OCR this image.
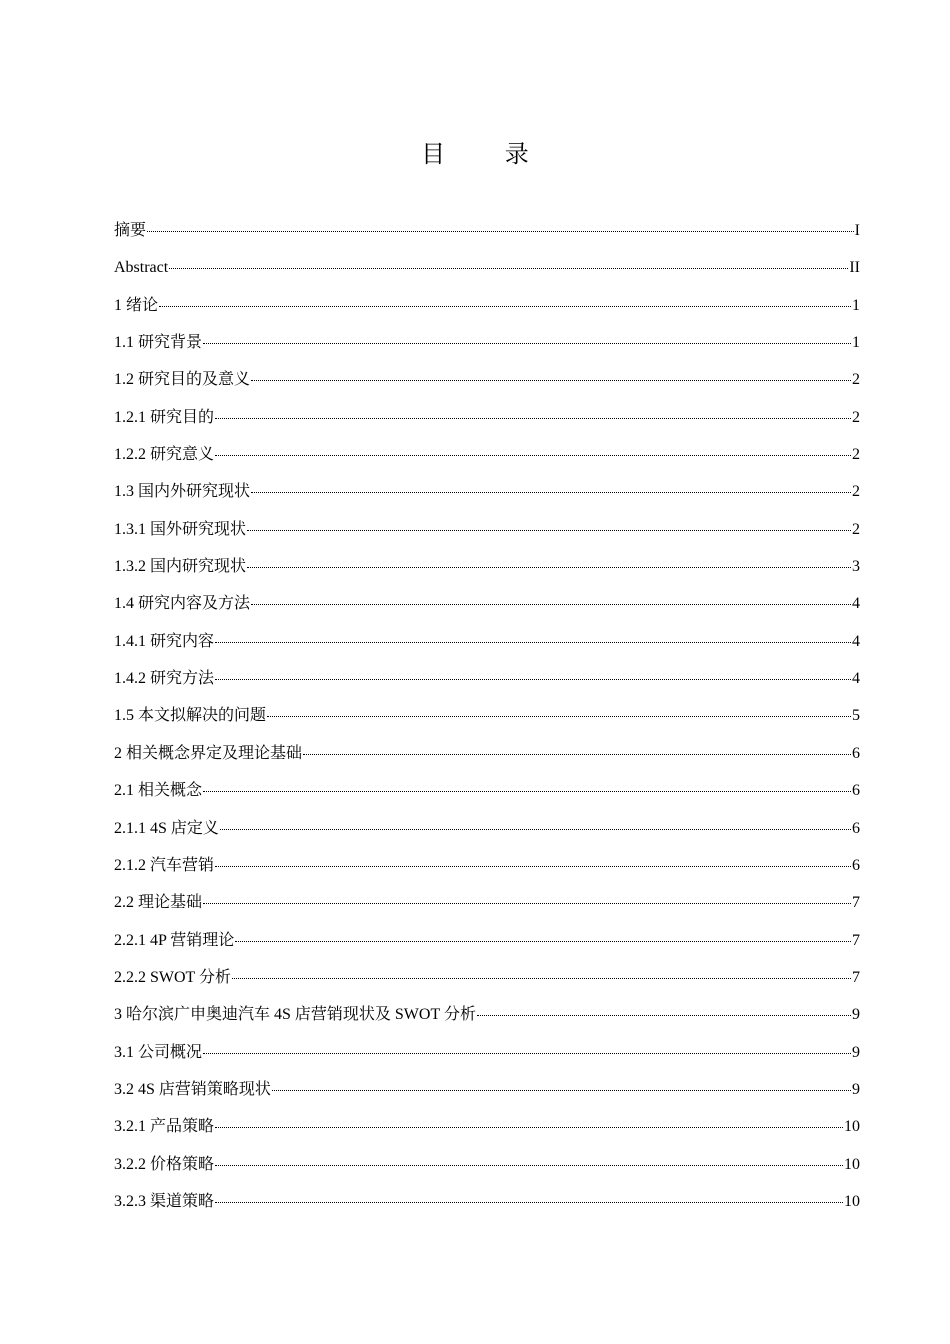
目 录
摘要	I
Abstract	II
1 绪论	1
1.1 研究背景	1
1.2 研究目的及意义	2
1.2.1 研究目的	2
1.2.2 研究意义	2
1.3 国内外研究现状	2
1.3.1 国外研究现状	2
1.3.2 国内研究现状	3
1.4 研究内容及方法	4
1.4.1 研究内容	4
1.4.2 研究方法	4
1.5 本文拟解决的问题	5
2 相关概念界定及理论基础	6
2.1 相关概念	6
2.1.1 4S 店定义	6
2.1.2 汽车营销	6
2.2 理论基础	7
2.2.1 4P 营销理论	7
2.2.2 SWOT 分析	7
3 哈尔滨广申奥迪汽车 4S 店营销现状及 SWOT 分析	9
3.1 公司概况	9
3.2 4S 店营销策略现状	9
3.2.1 产品策略	10
3.2.2 价格策略	10
3.2.3 渠道策略	10
